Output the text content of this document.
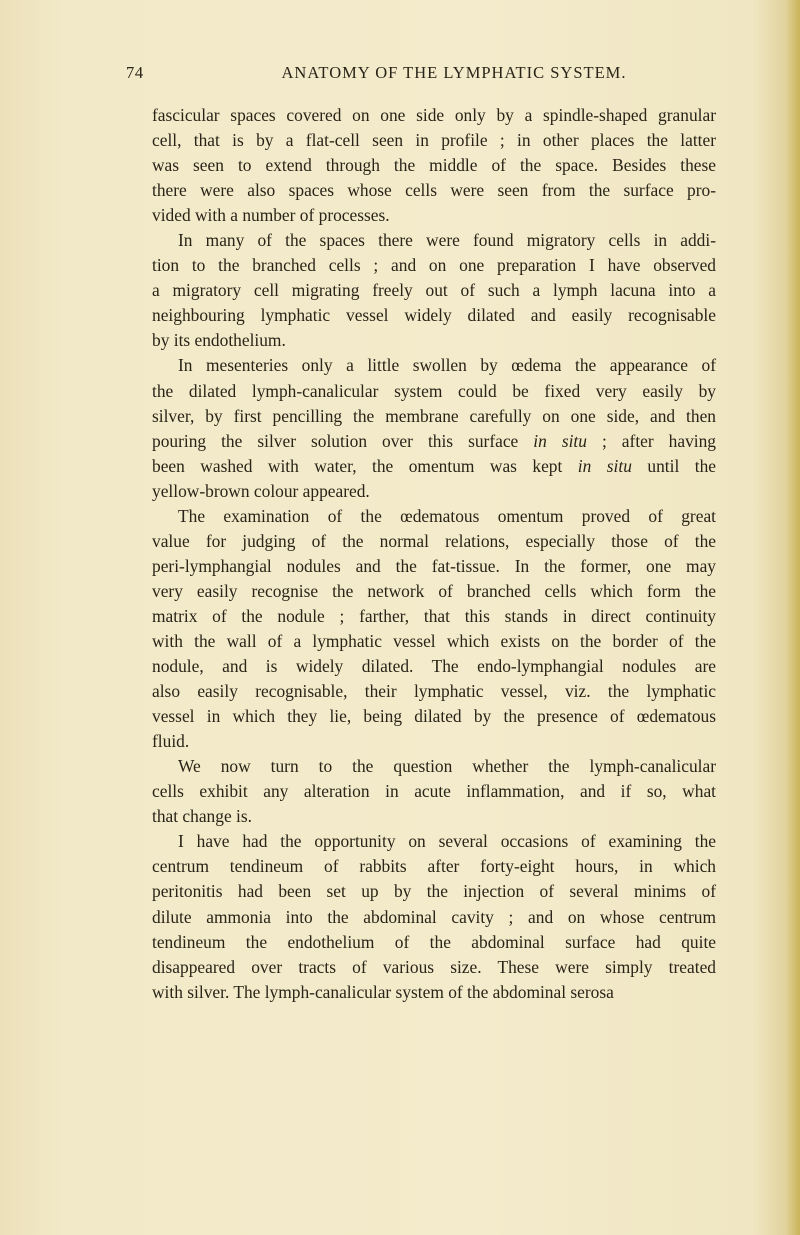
74	ANATOMY OF THE LYMPHATIC SYSTEM.
fascicular spaces covered on one side only by a spindle-shaped granular
cell, that is by a flat-cell seen in profile ; in other places the latter
was seen to extend through the middle of the space. Besides these
there were also spaces whose cells were seen from the surface pro-
vided with a number of processes.
In many of the spaces there were found migratory cells in addi-
tion to the branched cells ; and on one preparation I have observed
a migratory cell migrating freely out of such a lymph lacuna into a
neighbouring lymphatic vessel widely dilated and easily recognisable
by its endothelium.
In mesenteries only a little swollen by œdema the appearance of
the dilated lymph-canalicular system could be fixed very easily by
silver, by first pencilling the membrane carefully on one side, and then
pouring the silver solution over this surface in situ ; after having
been washed with water, the omentum was kept in situ until the
yellow-brown colour appeared.
The examination of the œdematous omentum proved of great
value for judging of the normal relations, especially those of the
peri-lymphangial nodules and the fat-tissue. In the former, one may
very easily recognise the network of branched cells which form the
matrix of the nodule ; farther, that this stands in direct continuity
with the wall of a lymphatic vessel which exists on the border of the
nodule, and is widely dilated. The endo-lymphangial nodules are
also easily recognisable, their lymphatic vessel, viz. the lymphatic
vessel in which they lie, being dilated by the presence of œdematous
fluid.
We now turn to the question whether the lymph-canalicular
cells exhibit any alteration in acute inflammation, and if so, what
that change is.
I have had the opportunity on several occasions of examining the
centrum tendineum of rabbits after forty-eight hours, in which
peritonitis had been set up by the injection of several minims of
dilute ammonia into the abdominal cavity ; and on whose centrum
tendineum the endothelium of the abdominal surface had quite
disappeared over tracts of various size. These were simply treated
with silver. The lymph-canalicular system of the abdominal serosa
